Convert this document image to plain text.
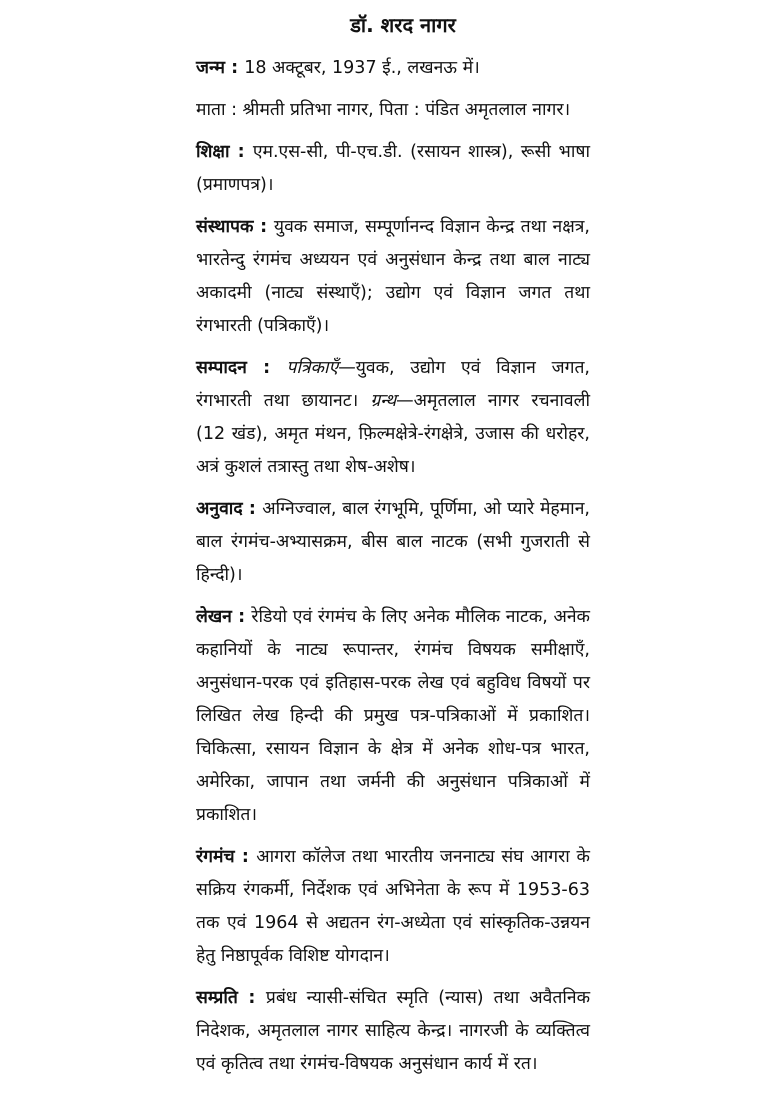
डॉ. शरद नागर

जन्म : 18 अक्टूबर, 1937 ई., लखनऊ में।

माता : श्रीमती प्रतिभा नागर, पिता : पंडित अमृतलाल नागर।

शिक्षा : एम.एस-सी, पी-एच.डी. (रसायन शास्त्र), रूसी भाषा (प्रमाणपत्र)।

संस्थापक : युवक समाज, सम्पूर्णानन्द विज्ञान केन्द्र तथा नक्षत्र, भारतेन्दु रंगमंच अध्ययन एवं अनुसंधान केन्द्र तथा बाल नाट्य अकादमी (नाट्य संस्थाएँ); उद्योग एवं विज्ञान जगत तथा रंगभारती (पत्रिकाएँ)।

सम्पादन : पत्रिकाएँ—युवक, उद्योग एवं विज्ञान जगत, रंगभारती तथा छायानट। ग्रन्थ—अमृतलाल नागर रचनावली (12 खंड), अमृत मंथन, फ़िल्मक्षेत्रे-रंगक्षेत्रे, उजास की धरोहर, अत्रं कुशलं तत्रास्तु तथा शेष-अशेष।

अनुवाद : अग्निज्वाल, बाल रंगभूमि, पूर्णिमा, ओ प्यारे मेहमान, बाल रंगमंच-अभ्यासक्रम, बीस बाल नाटक (सभी गुजराती से हिन्दी)।

लेखन : रेडियो एवं रंगमंच के लिए अनेक मौलिक नाटक, अनेक कहानियों के नाट्य रूपान्तर, रंगमंच विषयक समीक्षाएँ, अनुसंधान-परक एवं इतिहास-परक लेख एवं बहुविध विषयों पर लिखित लेख हिन्दी की प्रमुख पत्र-पत्रिकाओं में प्रकाशित। चिकित्सा, रसायन विज्ञान के क्षेत्र में अनेक शोध-पत्र भारत, अमेरिका, जापान तथा जर्मनी की अनुसंधान पत्रिकाओं में प्रकाशित।

रंगमंच : आगरा कॉलेज तथा भारतीय जननाट्य संघ आगरा के सक्रिय रंगकर्मी, निर्देशक एवं अभिनेता के रूप में 1953-63 तक एवं 1964 से अद्यतन रंग-अध्येता एवं सांस्कृतिक-उन्नयन हेतु निष्ठापूर्वक विशिष्ट योगदान।

सम्प्रति : प्रबंध न्यासी-संचित स्मृति (न्यास) तथा अवैतनिक निदेशक, अमृतलाल नागर साहित्य केन्द्र। नागरजी के व्यक्तित्व एवं कृतित्व तथा रंगमंच-विषयक अनुसंधान कार्य में रत।
